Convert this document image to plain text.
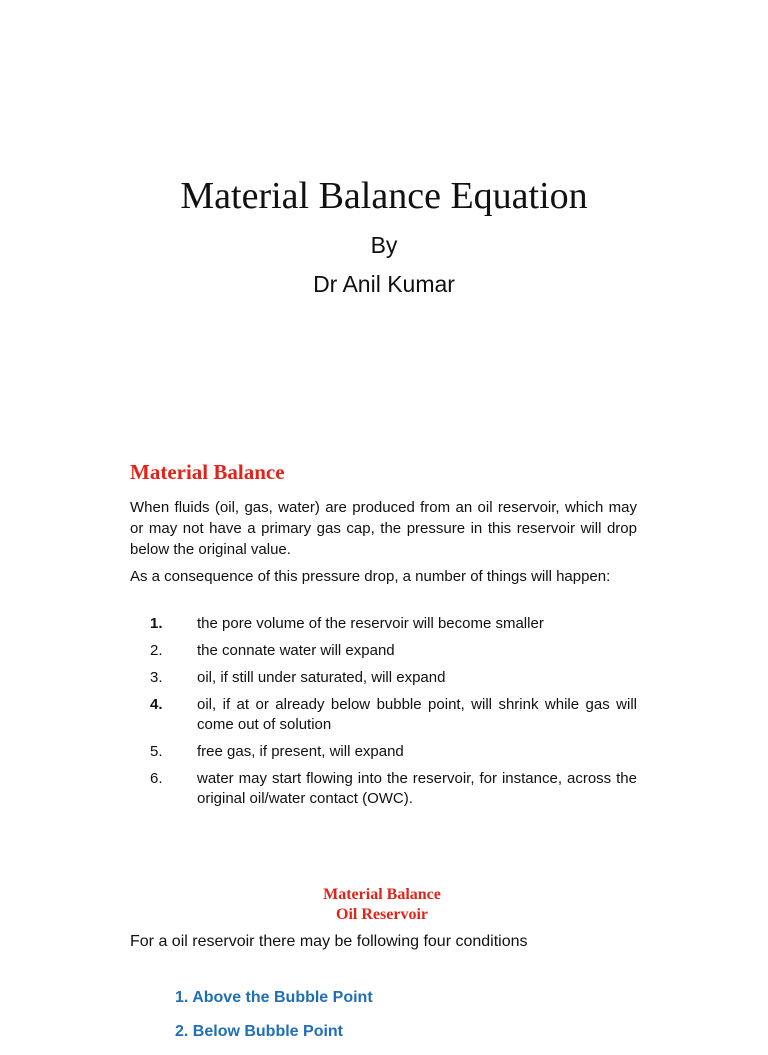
Material Balance Equation
By
Dr Anil Kumar
Material Balance
When fluids (oil, gas, water) are produced from an oil reservoir, which may or may not have a primary gas cap, the pressure in this reservoir will drop below the original value.
As a consequence of this pressure drop, a number of things will happen:
1.	the pore volume of the reservoir will become smaller
2.	the connate water will expand
3.	oil, if still under saturated, will expand
4.	oil, if at or already below bubble point, will shrink while gas will come out of solution
5.	free gas, if present, will expand
6.	water may start flowing into the reservoir, for instance, across the original oil/water contact (OWC).
Material Balance
Oil Reservoir
For a oil reservoir there may be following four conditions
1. Above the Bubble Point
2. Below Bubble Point
